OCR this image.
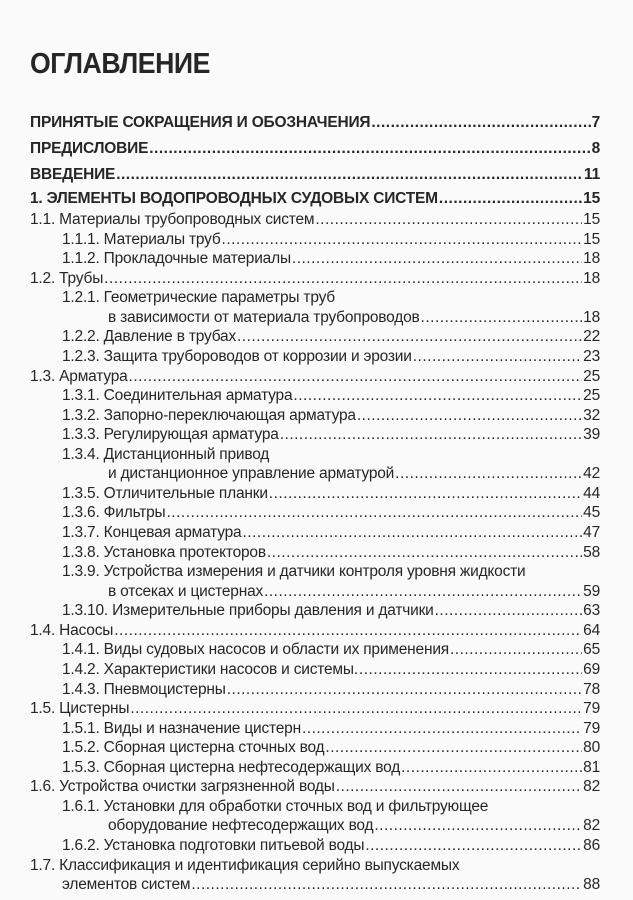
ОГЛАВЛЕНИЕ
ПРИНЯТЫЕ СОКРАЩЕНИЯ И ОБОЗНАЧЕНИЯ .....	7
ПРЕДИСЛОВИЕ .....	8
ВВЕДЕНИЕ .....	11
1. ЭЛЕМЕНТЫ ВОДОПРОВОДНЫХ СУДОВЫХ СИСТЕМ .....	15
1.1. Материалы трубопроводных систем .....	15
1.1.1. Материалы труб .....	15
1.1.2. Прокладочные материалы .....	18
1.2. Трубы .....	18
1.2.1. Геометрические параметры труб
в зависимости от материала трубопроводов .....	18
1.2.2. Давление в трубах .....	22
1.2.3. Защита трубороводов от коррозии и эрозии .....	23
1.3. Арматура .....	25
1.3.1. Соединительная арматура .....	25
1.3.2. Запорно-переключающая арматура .....	32
1.3.3. Регулирующая арматура .....	39
1.3.4. Дистанционный привод
и дистанционное управление арматурой .....	42
1.3.5. Отличительные планки .....	44
1.3.6. Фильтры .....	45
1.3.7. Концевая арматура .....	47
1.3.8. Установка протекторов .....	58
1.3.9. Устройства измерения и датчики контроля уровня жидкости
в отсеках и цистернах .....	59
1.3.10. Измерительные приборы давления и датчики .....	63
1.4. Насосы .....	64
1.4.1. Виды судовых насосов и области их применения .....	65
1.4.2. Характеристики насосов и системы. .....	69
1.4.3. Пневмоцистерны .....	78
1.5. Цистерны .....	79
1.5.1. Виды и назначение цистерн .....	79
1.5.2. Сборная цистерна сточных вод .....	80
1.5.3. Сборная цистерна нефтесодержащих вод .....	81
1.6. Устройства очистки загрязненной воды .....	82
1.6.1. Установки для обработки сточных вод и фильтрующее
оборудование нефтесодержащих вод .....	82
1.6.2. Установка подготовки питьевой воды .....	86
1.7. Классификация и идентификация серийно выпускаемых
элементов систем .....	88
